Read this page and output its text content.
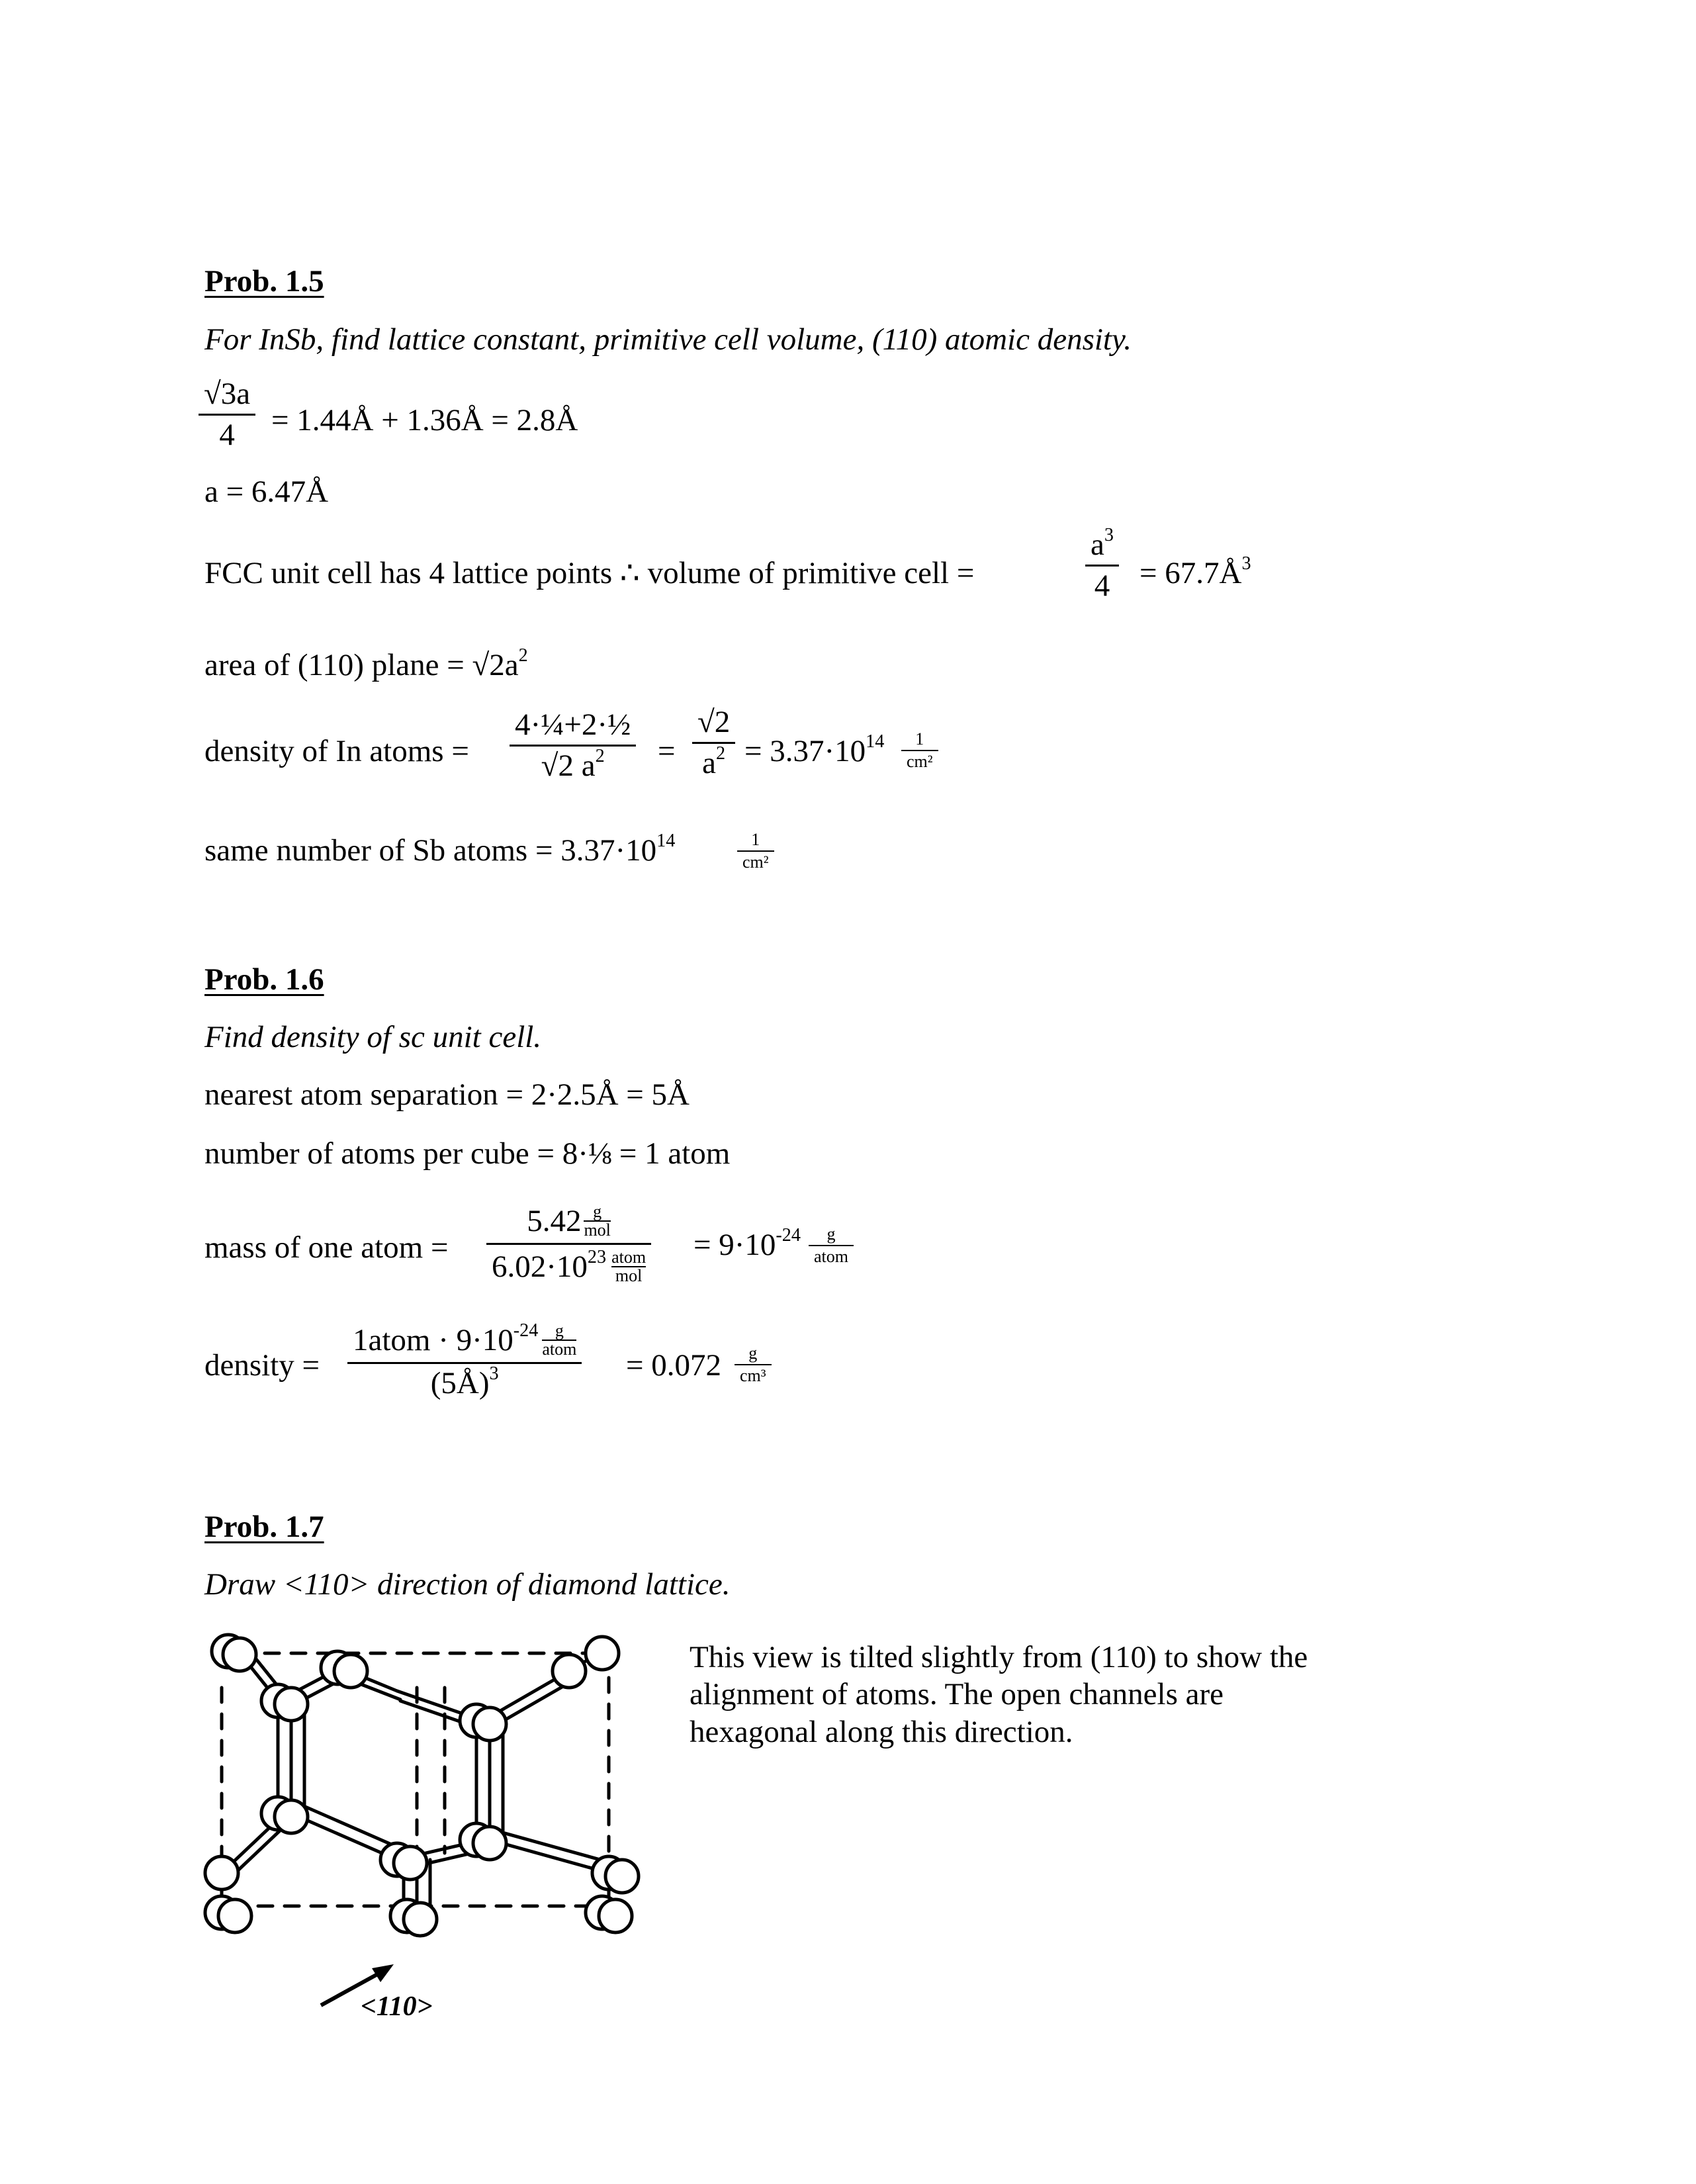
Prob. 1.5
For InSb, find lattice constant, primitive cell volume, (110) atomic density.
√3a
4 = 1.44Å + 1.36Å = 2.8Å
a = 6.47Å
FCC unit cell has 4 lattice points ∴ volume of primitive cell =
$a^3$
$4 = 67.7Å^3$
area of (110) plane = $√2a^2$
density of In atoms =
4·¼+2·½
√2 $a^2$ =
√2
$a^2 = 3.37\cdot 10^{14}$	1
cm²
same number of Sb atoms = $3.37\cdot 10^{14}$	1
cm²
Prob. 1.6
Find density of sc unit cell.
nearest atom separation = 2·2.5Å = 5Å
number of atoms per cube = 8·⅛ = 1 atom
mass of one atom =
5.42 g
mol
$6.02\cdot 10^{23}$ atom
mol
= $9\cdot 10^{-24}$	g
atom
density =
1atom · $9\cdot 10^{-24}$ g
atom
(5Å)$^3$	= 0.072	g
cm³
Prob. 1.7
Draw <110> direction of diamond lattice.
This view is tilted slightly from (110) to show the alignment of atoms. The open channels are hexagonal along this direction.
<110>
